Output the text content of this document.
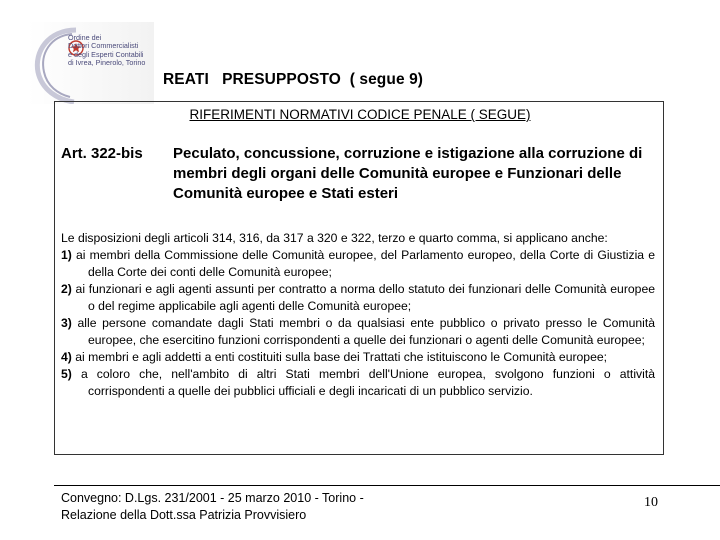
Ordine dei
Dottori Commercialisti
e degli Esperti Contabili
di Ivrea, Pinerolo, Torino
REATI   PRESUPPOSTO  ( segue 9)
RIFERIMENTI NORMATIVI CODICE PENALE ( SEGUE)
Art. 322-bis Peculato, concussione, corruzione e istigazione alla corruzione di membri degli organi delle Comunità europee e Funzionari delle Comunità europee e Stati esteri

Le disposizioni degli articoli 314, 316, da 317 a 320 e 322, terzo e quarto comma, si applicano anche:

1) ai membri della Commissione delle Comunità europee, del Parlamento europeo, della Corte di Giustizia e della Corte dei conti delle Comunità europee;

2) ai funzionari e agli agenti assunti per contratto a norma dello statuto dei funzionari delle Comunità europee o del regime applicabile agli agenti delle Comunità europee;

3) alle persone comandate dagli Stati membri o da qualsiasi ente pubblico o privato presso le Comunità europee, che esercitino funzioni corrispondenti a quelle dei funzionari o agenti delle Comunità europee;

4) ai membri e agli addetti a enti costituiti sulla base dei Trattati che istituiscono le Comunità europee;

5) a coloro che, nell'ambito di altri Stati membri dell'Unione europea, svolgono funzioni o attività corrispondenti a quelle dei pubblici ufficiali e degli incaricati di un pubblico servizio.

Convegno: D.Lgs. 231/2001 - 25 marzo 2010 - Torino -
Relazione della Dott.ssa Patrizia Provvisiero
10
